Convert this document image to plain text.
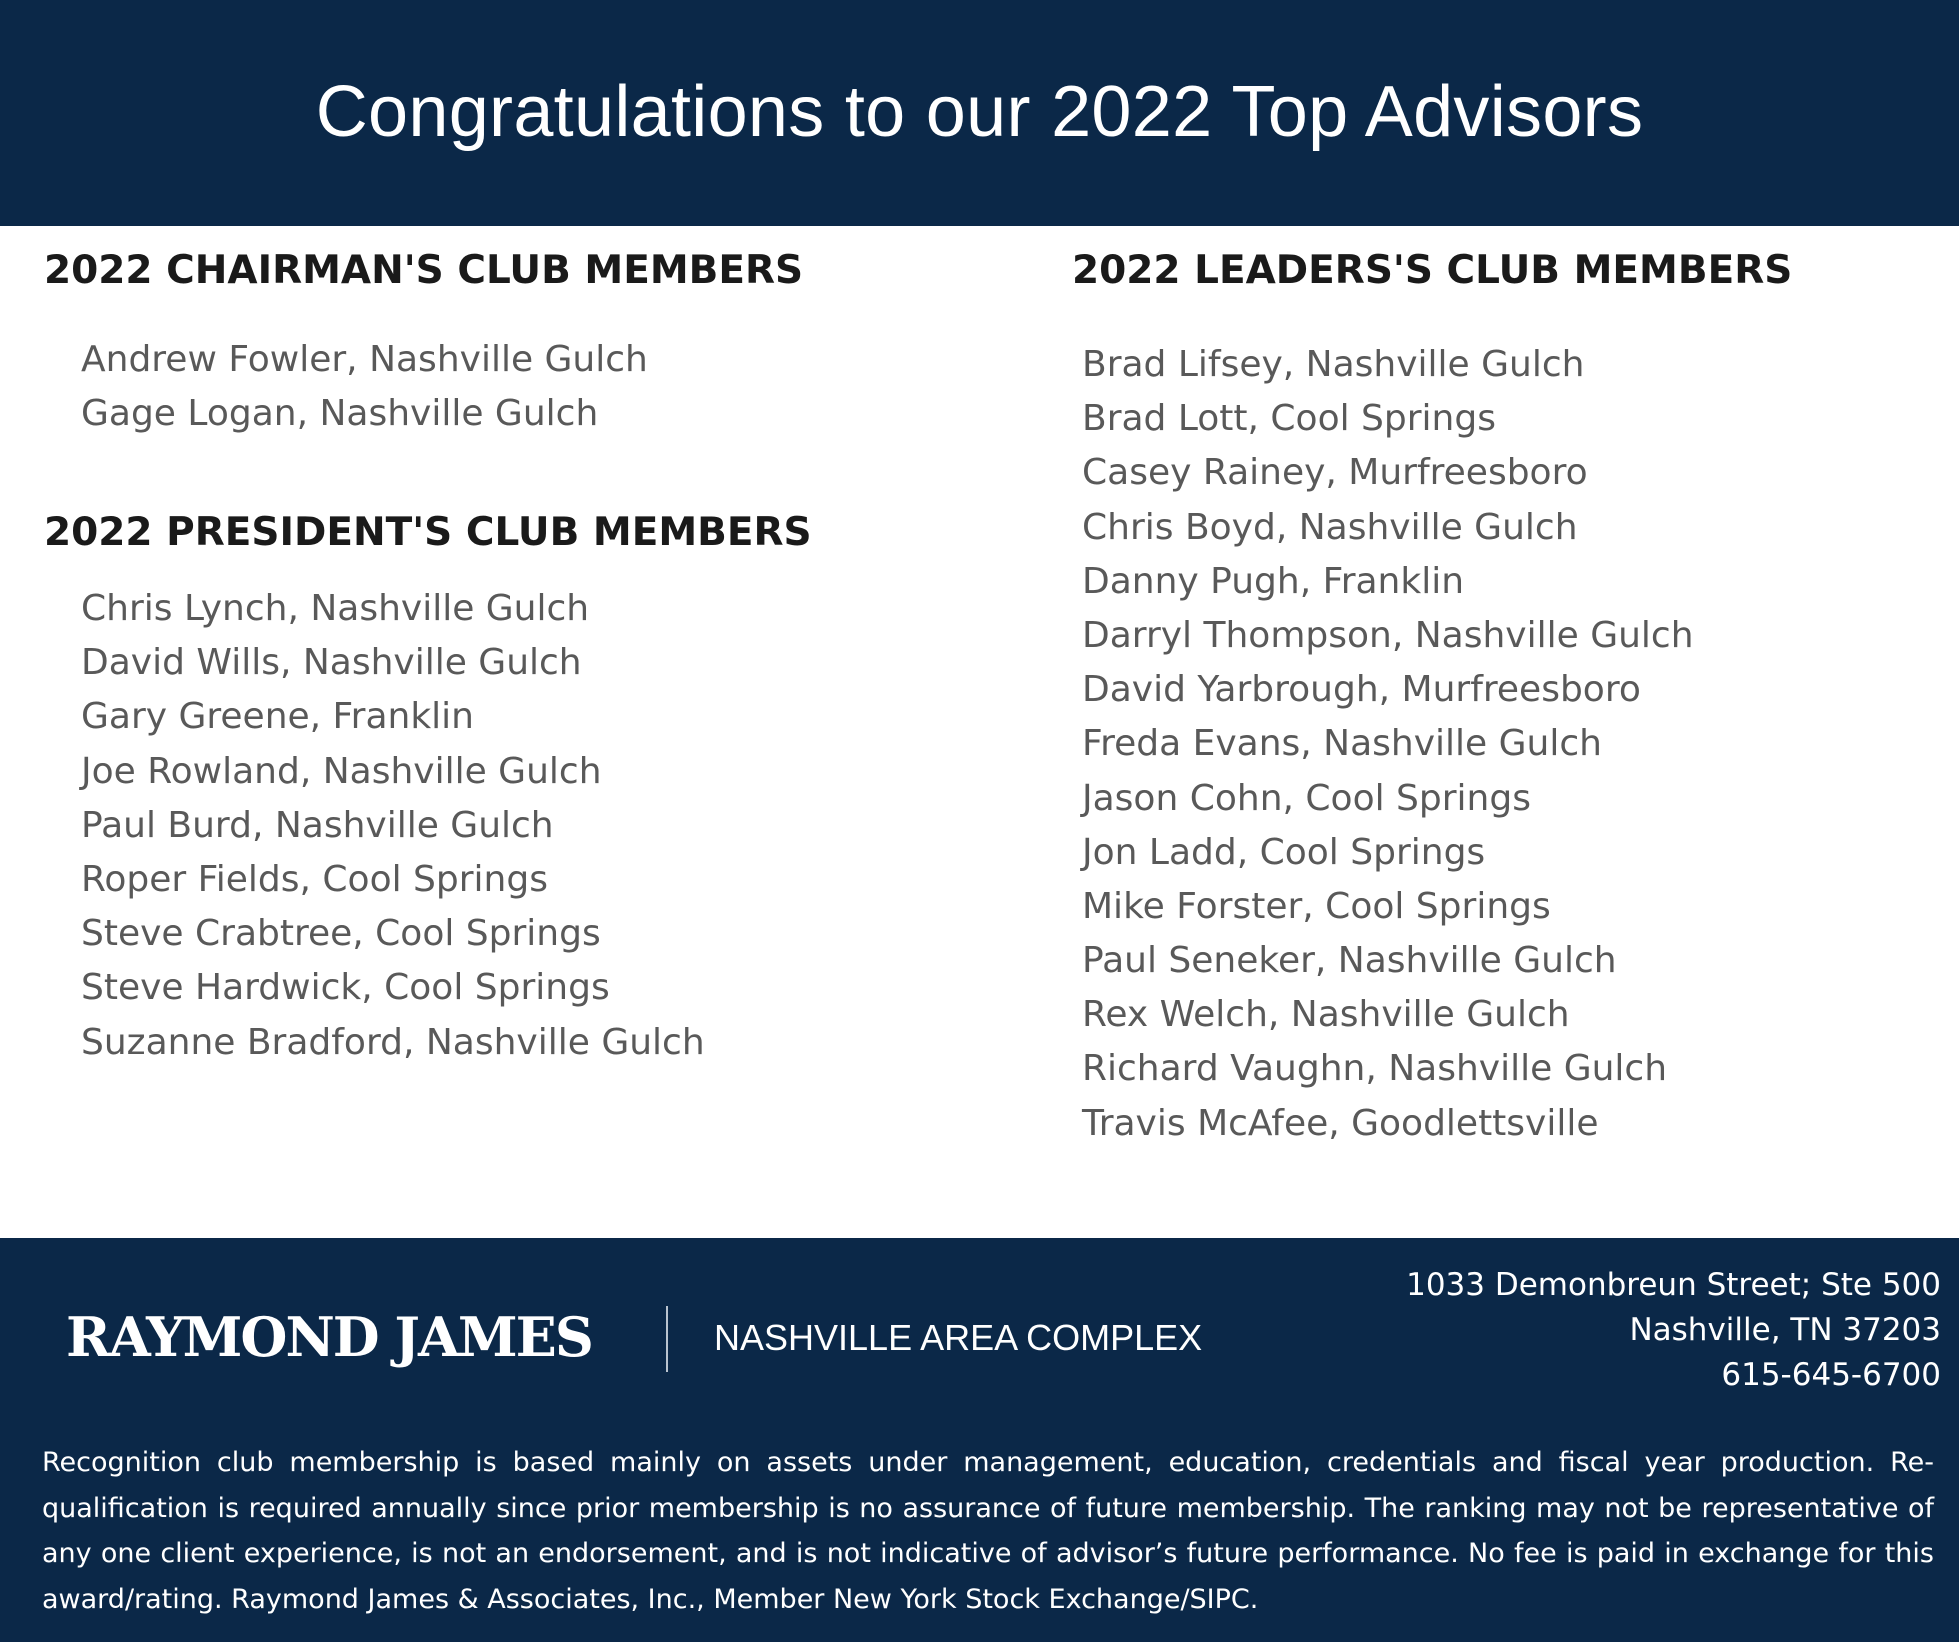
Congratulations to our 2022 Top Advisors
2022 CHAIRMAN'S CLUB MEMBERS
Andrew Fowler, Nashville Gulch
Gage Logan, Nashville Gulch
2022 PRESIDENT'S CLUB MEMBERS
Chris Lynch, Nashville Gulch
David Wills, Nashville Gulch
Gary Greene, Franklin
Joe Rowland, Nashville Gulch
Paul Burd, Nashville Gulch
Roper Fields, Cool Springs
Steve Crabtree, Cool Springs
Steve Hardwick, Cool Springs
Suzanne Bradford, Nashville Gulch
2022 LEADERS'S CLUB MEMBERS
Brad Lifsey, Nashville Gulch
Brad Lott, Cool Springs
Casey Rainey, Murfreesboro
Chris Boyd, Nashville Gulch
Danny Pugh, Franklin
Darryl Thompson, Nashville Gulch
David Yarbrough, Murfreesboro
Freda Evans, Nashville Gulch
Jason Cohn, Cool Springs
Jon Ladd, Cool Springs
Mike Forster, Cool Springs
Paul Seneker, Nashville Gulch
Rex Welch, Nashville Gulch
Richard Vaughn, Nashville Gulch
Travis McAfee, Goodlettsville
RAYMOND JAMES	NASHVILLE AREA COMPLEX
1033 Demonbreun Street; Ste 500
Nashville, TN 37203
615-645-6700

Recognition club membership is based mainly on assets under management, education, credentials and fiscal year production. Re-qualification is required annually since prior membership is no assurance of future membership. The ranking may not be representative of any one client experience, is not an endorsement, and is not indicative of advisor’s future performance. No fee is paid in exchange for this award/rating. Raymond James & Associates, Inc., Member New York Stock Exchange/SIPC.
